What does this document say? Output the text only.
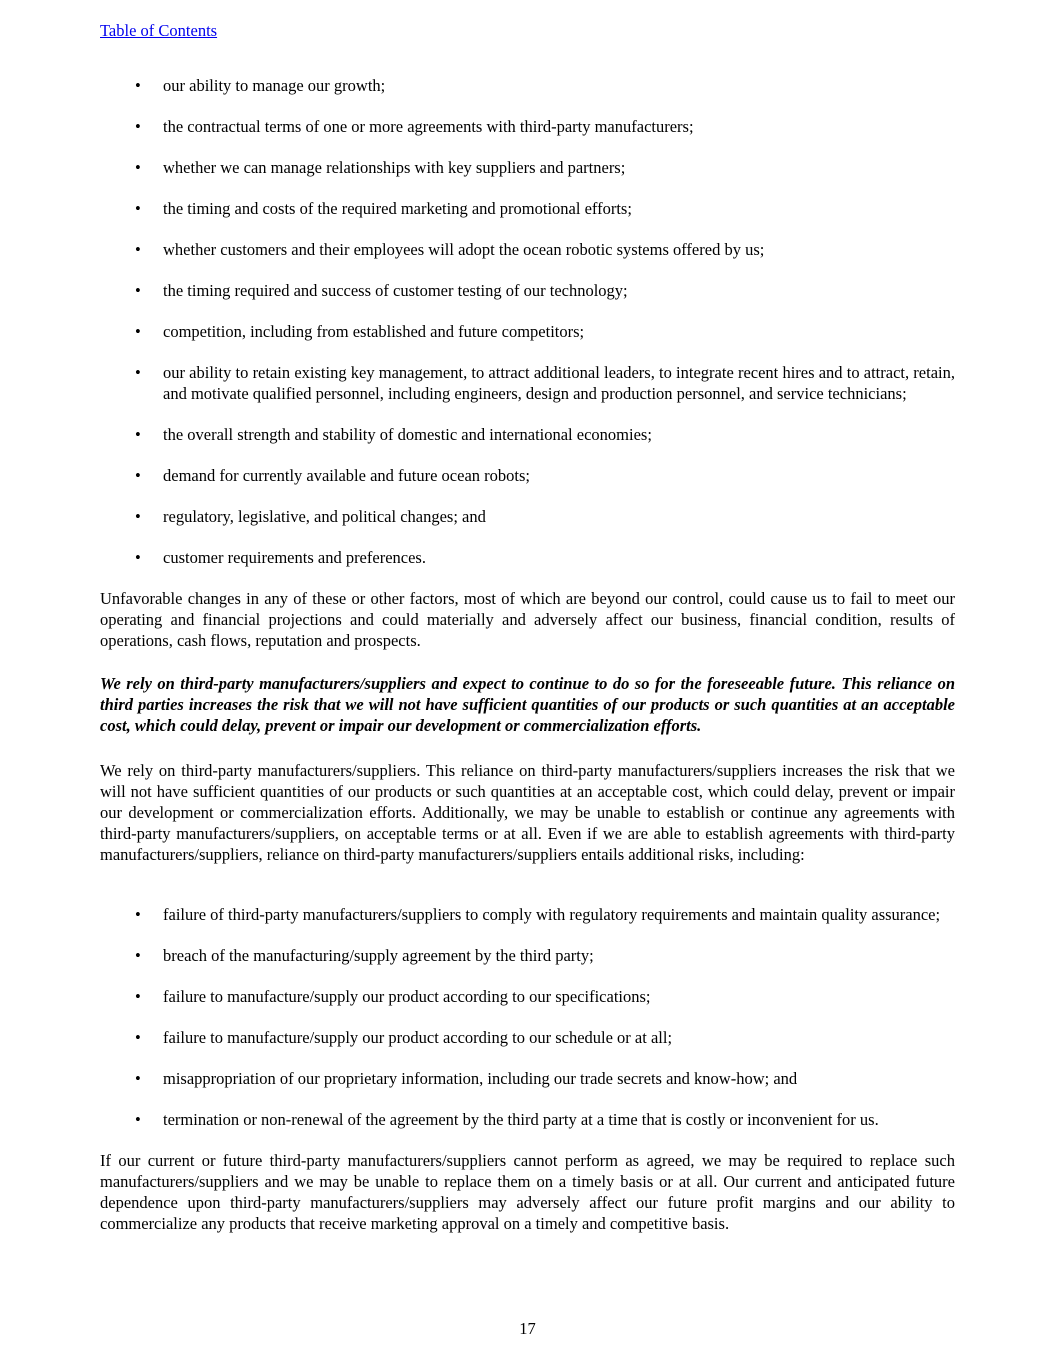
Table of Contents
• our ability to manage our growth;
• the contractual terms of one or more agreements with third-party manufacturers;
• whether we can manage relationships with key suppliers and partners;
• the timing and costs of the required marketing and promotional efforts;
• whether customers and their employees will adopt the ocean robotic systems offered by us;
• the timing required and success of customer testing of our technology;
• competition, including from established and future competitors;
• our ability to retain existing key management, to attract additional leaders, to integrate recent hires and to attract, retain, and motivate qualified personnel, including engineers, design and production personnel, and service technicians;
• the overall strength and stability of domestic and international economies;
• demand for currently available and future ocean robots;
• regulatory, legislative, and political changes; and
• customer requirements and preferences.

Unfavorable changes in any of these or other factors, most of which are beyond our control, could cause us to fail to meet our operating and financial projections and could materially and adversely affect our business, financial condition, results of operations, cash flows, reputation and prospects.

We rely on third-party manufacturers/suppliers and expect to continue to do so for the foreseeable future. This reliance on third parties increases the risk that we will not have sufficient quantities of our products or such quantities at an acceptable cost, which could delay, prevent or impair our development or commercialization efforts.

We rely on third-party manufacturers/suppliers. This reliance on third-party manufacturers/suppliers increases the risk that we will not have sufficient quantities of our products or such quantities at an acceptable cost, which could delay, prevent or impair our development or commercialization efforts. Additionally, we may be unable to establish or continue any agreements with third-party manufacturers/suppliers, on acceptable terms or at all. Even if we are able to establish agreements with third-party manufacturers/suppliers, reliance on third-party manufacturers/suppliers entails additional risks, including:

• failure of third-party manufacturers/suppliers to comply with regulatory requirements and maintain quality assurance;
• breach of the manufacturing/supply agreement by the third party;
• failure to manufacture/supply our product according to our specifications;
• failure to manufacture/supply our product according to our schedule or at all;
• misappropriation of our proprietary information, including our trade secrets and know-how; and
• termination or non-renewal of the agreement by the third party at a time that is costly or inconvenient for us.

If our current or future third-party manufacturers/suppliers cannot perform as agreed, we may be required to replace such manufacturers/suppliers and we may be unable to replace them on a timely basis or at all. Our current and anticipated future dependence upon third-party manufacturers/suppliers may adversely affect our future profit margins and our ability to commercialize any products that receive marketing approval on a timely and competitive basis.

17
